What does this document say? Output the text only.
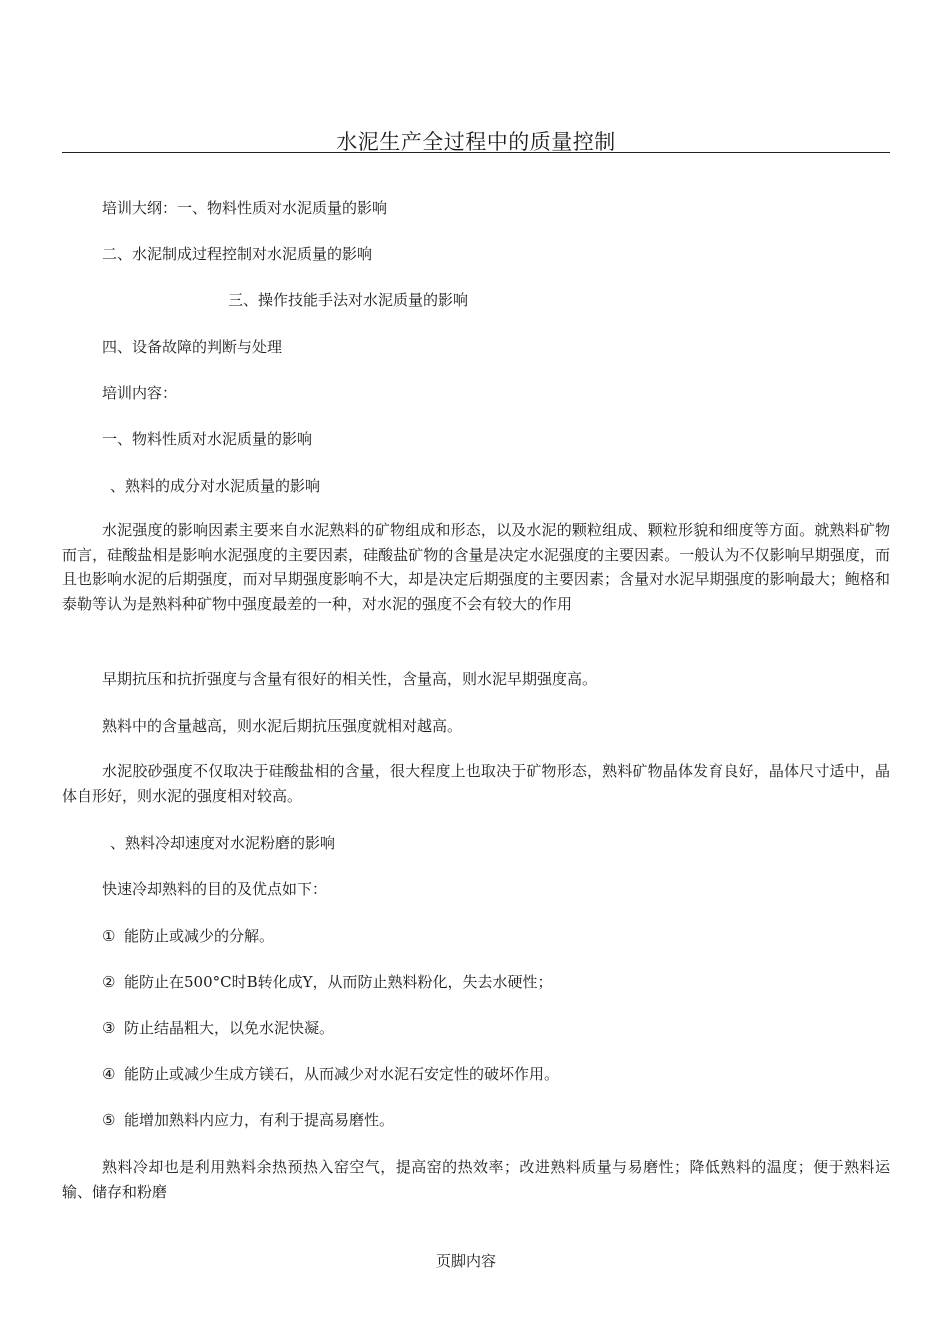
水泥生产全过程中的质量控制
培训大纲：一、物料性质对水泥质量的影响
二、水泥制成过程控制对水泥质量的影响
三、操作技能手法对水泥质量的影响
四、设备故障的判断与处理
培训内容：
一、物料性质对水泥质量的影响
、熟料的成分对水泥质量的影响
水泥强度的影响因素主要来自水泥熟料的矿物组成和形态，以及水泥的颗粒组成、颗粒形貌和细度等方面。就熟料矿物而言，硅酸盐相是影响水泥强度的主要因素，硅酸盐矿物的含量是决定水泥强度的主要因素。一般认为不仅影响早期强度，而且也影响水泥的后期强度，而对早期强度影响不大，却是决定后期强度的主要因素；含量对水泥早期强度的影响最大；鲍格和泰勒等认为是熟料种矿物中强度最差的一种，对水泥的强度不会有较大的作用
早期抗压和抗折强度与含量有很好的相关性，含量高，则水泥早期强度高。
熟料中的含量越高，则水泥后期抗压强度就相对越高。
水泥胶砂强度不仅取决于硅酸盐相的含量，很大程度上也取决于矿物形态，熟料矿物晶体发育良好，晶体尺寸适中，晶体自形好，则水泥的强度相对较高。
、熟料冷却速度对水泥粉磨的影响
快速冷却熟料的目的及优点如下：
① 能防止或减少的分解。
② 能防止在500°C时B转化成Y，从而防止熟料粉化，失去水硬性；
③ 防止结晶粗大，以免水泥快凝。
④ 能防止或减少生成方镁石，从而减少对水泥石安定性的破坏作用。
⑤ 能增加熟料内应力，有利于提高易磨性。
熟料冷却也是利用熟料余热预热入窑空气，提高窑的热效率；改进熟料质量与易磨性；降低熟料的温度；便于熟料运输、储存和粉磨
页脚内容
